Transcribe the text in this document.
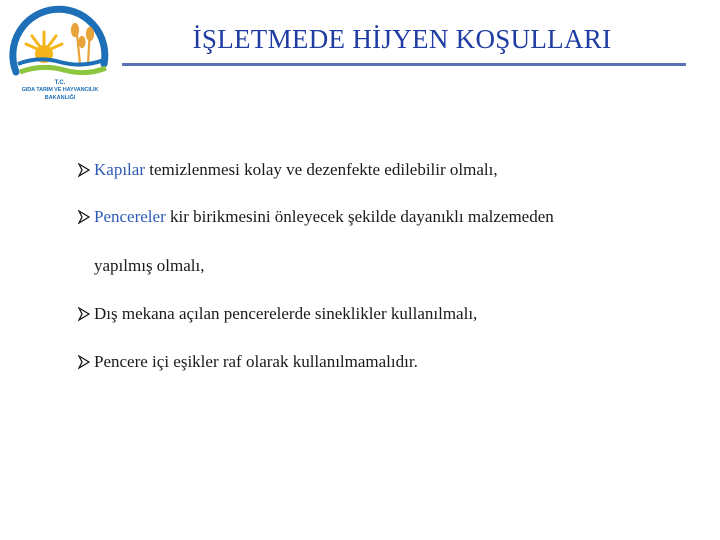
T.C.
GIDA TARIM VE HAYVANCILIK
BAKANLIĞI
İŞLETMEDE HİJYEN KOŞULLARI
Kapılar temizlenmesi kolay ve dezenfekte edilebilir olmalı,
Pencereler kir birikmesini önleyecek şekilde dayanıklı malzemeden
Dış mekana açılan pencerelerde sineklikler kullanılmalı,
Pencere içi eşikler raf olarak kullanılmamalıdır.
yapılmış olmalı,
